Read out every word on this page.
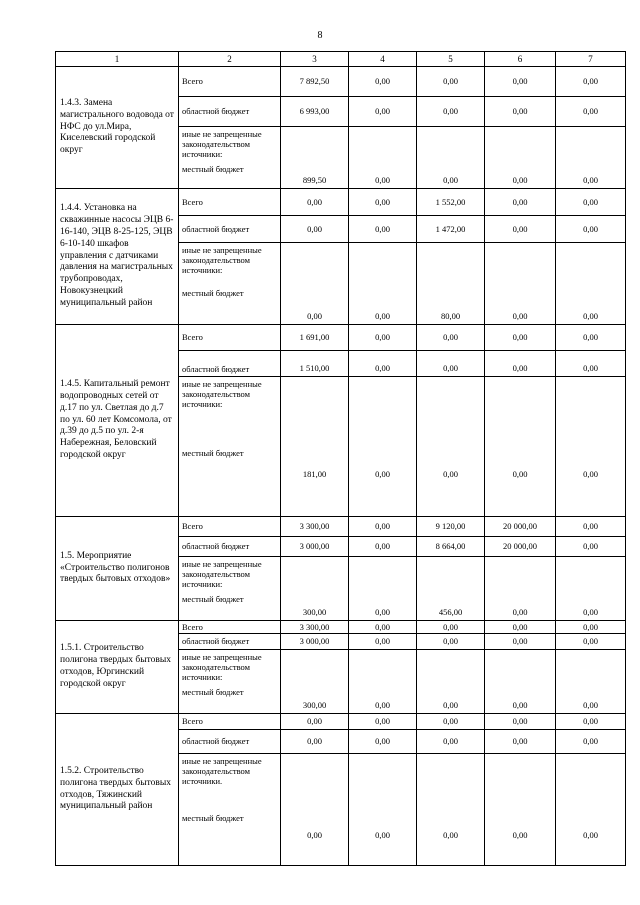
8
1	2	3	4	5	6	7
1.4.3. Замена магистрального водовода от НФС до ул.Мира, Киселевский городской округ	Всего	7 892,50	0,00	0,00	0,00	0,00
	областной бюджет	6 993,00	0,00	0,00	0,00	0,00

	иные не запрещенные законодательством источники:
местный бюджет	899,50	0,00	0,00	0,00	0,00
1.4.4. Установка на скважинные насосы ЭЦВ 6-16-140, ЭЦВ 8-25-125, ЭЦВ 6-10-140 шкафов управления с датчиками давления на магистральных трубопроводах, Новокузнецкий муниципальный район	Всего	0,00	0,00	1 552,00	0,00	0,00
	областной бюджет	0,00	0,00	1 472,00	0,00	0,00

	иные не запрещенные законодательством источники:
местный бюджет	0,00	0,00	80,00	0,00	0,00
1.4.5. Капитальный ремонт водопроводных сетей от д.17 по ул. Светлая до д.7 по ул. 60 лет Комсомола, от д.39 до д.5 по ул. 2-я Набережная, Беловский городской округ	Всего	1 691,00	0,00	0,00	0,00	0,00
	областной бюджет	1 510,00	0,00	0,00	0,00	0,00

	иные не запрещенные законодательством источники:
местный бюджет	181,00	0,00	0,00	0,00	0,00
1.5. Мероприятие «Строительство полигонов твердых бытовых отходов»	Всего	3 300,00	0,00	9 120,00	20 000,00	0,00
	областной бюджет	3 000,00	0,00	8 664,00	20 000,00	0,00

	иные не запрещенные законодательством источники:
местный бюджет	300,00	0,00	456,00	0,00	0,00
1.5.1. Строительство полигона твердых бытовых отходов, Юргинский городской округ	Всего	3 300,00	0,00	0,00	0,00	0,00
	областной бюджет	3 000,00	0,00	0,00	0,00	0,00

	иные не запрещенные законодательством источники:
местный бюджет	300,00	0,00	0,00	0,00	0,00
1.5.2. Строительство полигона твердых бытовых отходов, Тяжинский муниципальный район	Всего	0,00	0,00	0,00	0,00	0,00
	областной бюджет	0,00	0,00	0,00	0,00	0,00

	иные не запрещенные законодательством источники.
местный бюджет	0,00	0,00	0,00	0,00	0,00
